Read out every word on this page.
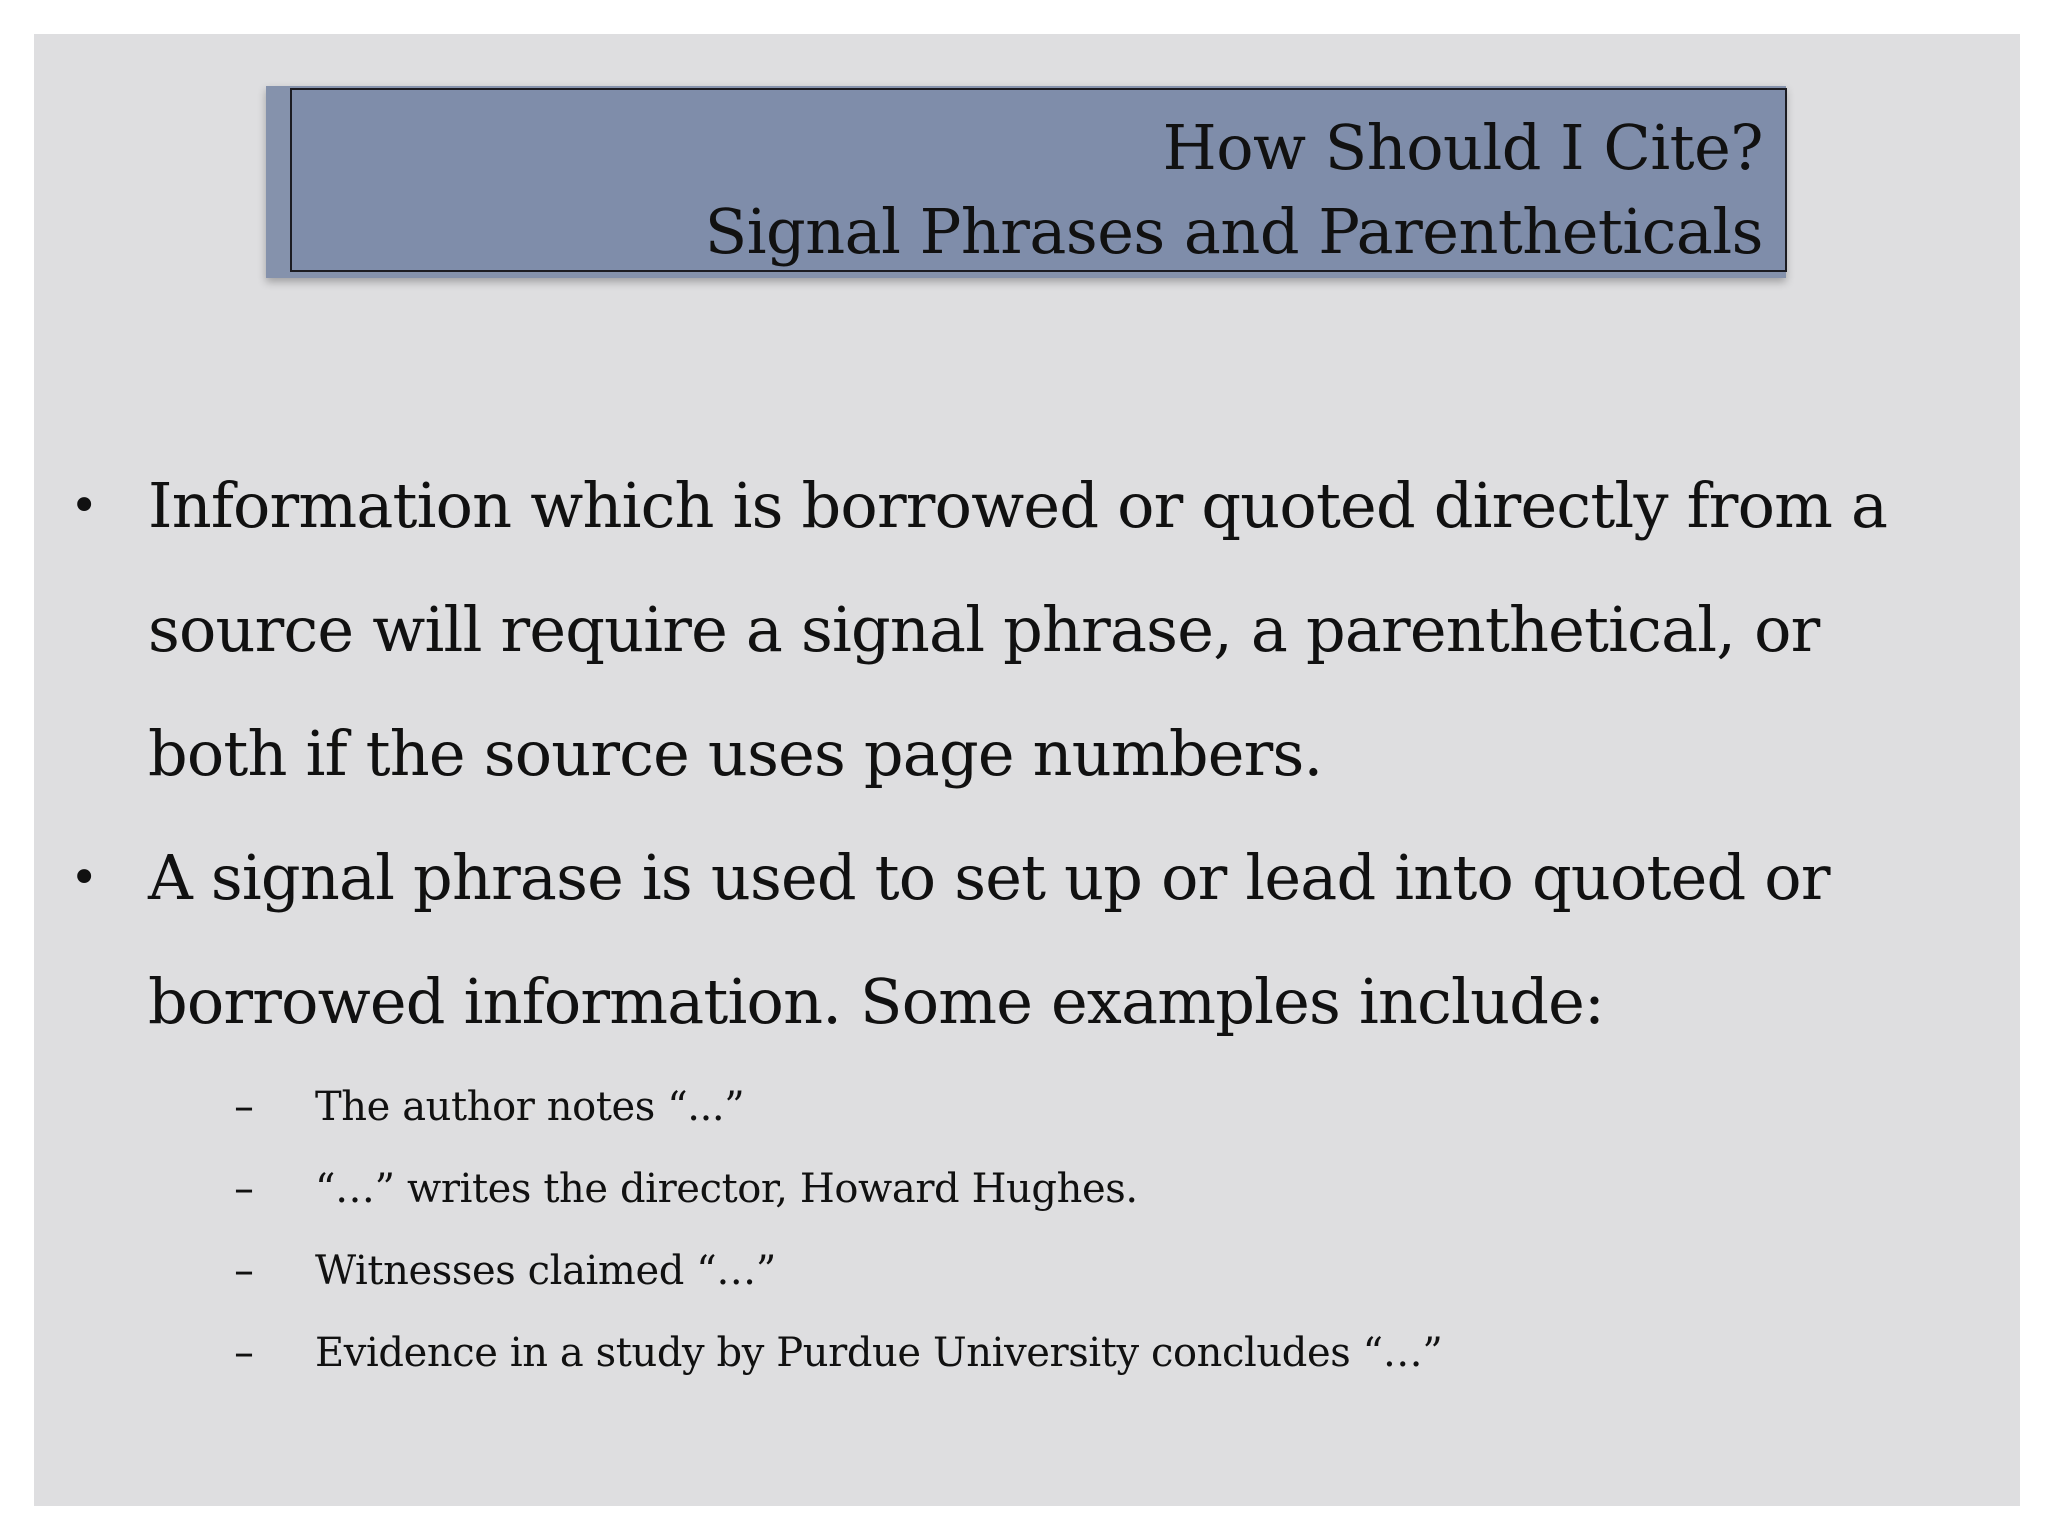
How Should I Cite?
Signal Phrases and Parentheticals
• Information which is borrowed or quoted directly from a source will require a signal phrase, a parenthetical, or both if the source uses page numbers.
• A signal phrase is used to set up or lead into quoted or borrowed information. Some examples include:
– The author notes “...”
– “…” writes the director, Howard Hughes.
– Witnesses claimed “…”
– Evidence in a study by Purdue University concludes “…”
